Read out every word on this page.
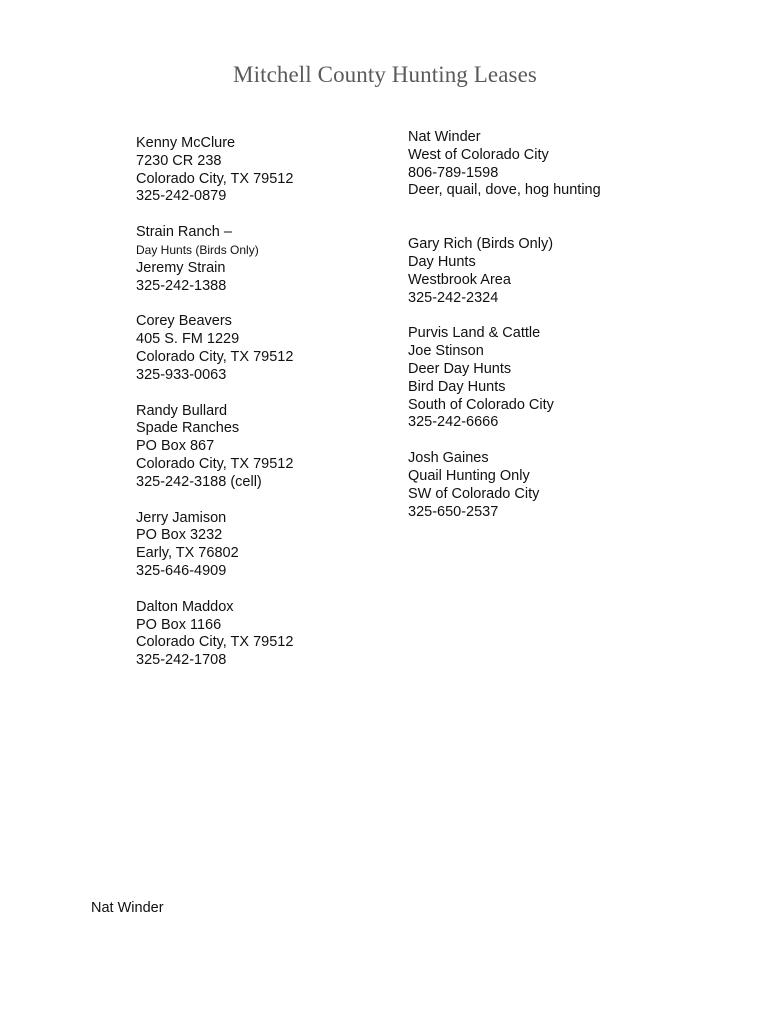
Mitchell County Hunting Leases
Kenny McClure
7230 CR 238
Colorado City, TX 79512
325-242-0879
Strain Ranch –
Day Hunts (Birds Only)
Jeremy Strain
325-242-1388
Corey Beavers
405 S. FM 1229
Colorado City, TX 79512
325-933-0063
Randy Bullard
Spade Ranches
PO Box 867
Colorado City, TX 79512
325-242-3188 (cell)
Jerry Jamison
PO Box 3232
Early, TX 76802
325-646-4909
Dalton Maddox
PO Box 1166
Colorado City, TX 79512
325-242-1708
Nat Winder
West of Colorado City
806-789-1598
Deer, quail, dove, hog hunting
Gary Rich (Birds Only)
Day Hunts
Westbrook Area
325-242-2324
Purvis Land & Cattle
Joe Stinson
Deer Day Hunts
Bird Day Hunts
South of Colorado City
325-242-6666
Josh Gaines
Quail Hunting Only
SW of Colorado City
325-650-2537
Nat Winder
